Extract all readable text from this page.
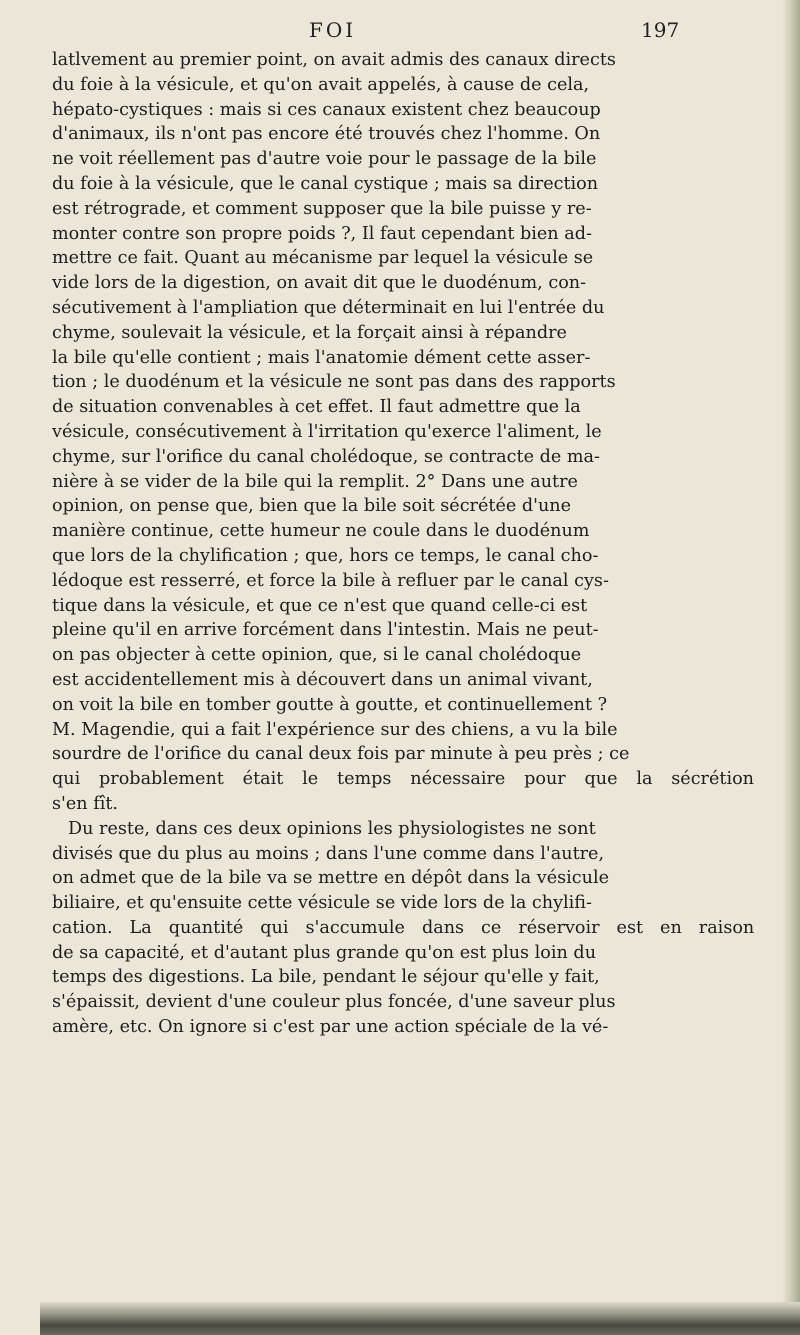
FOI	197
latlvement au premier point, on avait admis des canaux directs
du foie à la vésicule, et qu'on avait appelés, à cause de cela,
hépato-cystiques : mais si ces canaux existent chez beaucoup
d'animaux, ils n'ont pas encore été trouvés chez l'homme. On
ne voit réellement pas d'autre voie pour le passage de la bile
du foie à la vésicule, que le canal cystique ; mais sa direction
est rétrograde, et comment supposer que la bile puisse y re-
monter contre son propre poids ?, Il faut cependant bien ad-
mettre ce fait. Quant au mécanisme par lequel la vésicule se
vide lors de la digestion, on avait dit que le duodénum, con-
sécutivement à l'ampliation que déterminait en lui l'entrée du
chyme, soulevait la vésicule, et la forçait ainsi à répandre
la bile qu'elle contient ; mais l'anatomie dément cette asser-
tion ; le duodénum et la vésicule ne sont pas dans des rapports
de situation convenables à cet effet. Il faut admettre que la
vésicule, consécutivement à l'irritation qu'exerce l'aliment, le
chyme, sur l'orifice du canal cholédoque, se contracte de ma-
nière à se vider de la bile qui la remplit. 2° Dans une autre
opinion, on pense que, bien que la bile soit sécrétée d'une
manière continue, cette humeur ne coule dans le duodénum
que lors de la chylification ; que, hors ce temps, le canal cho-
lédoque est resserré, et force la bile à refluer par le canal cys-
tique dans la vésicule, et que ce n'est que quand celle-ci est
pleine qu'il en arrive forcément dans l'intestin. Mais ne peut-
on pas objecter à cette opinion, que, si le canal cholédoque
est accidentellement mis à découvert dans un animal vivant,
on voit la bile en tomber goutte à goutte, et continuellement ?
M. Magendie, qui a fait l'expérience sur des chiens, a vu la bile
sourdre de l'orifice du canal deux fois par minute à peu près ; ce
qui probablement était le temps nécessaire pour que la sécrétion
s'en fît.
Du reste, dans ces deux opinions les physiologistes ne sont
divisés que du plus au moins ; dans l'une comme dans l'autre,
on admet que de la bile va se mettre en dépôt dans la vésicule
biliaire, et qu'ensuite cette vésicule se vide lors de la chylifi-
cation. La quantité qui s'accumule dans ce réservoir est en raison
de sa capacité, et d'autant plus grande qu'on est plus loin du
temps des digestions. La bile, pendant le séjour qu'elle y fait,
s'épaissit, devient d'une couleur plus foncée, d'une saveur plus
amère, etc. On ignore si c'est par une action spéciale de la vé-
